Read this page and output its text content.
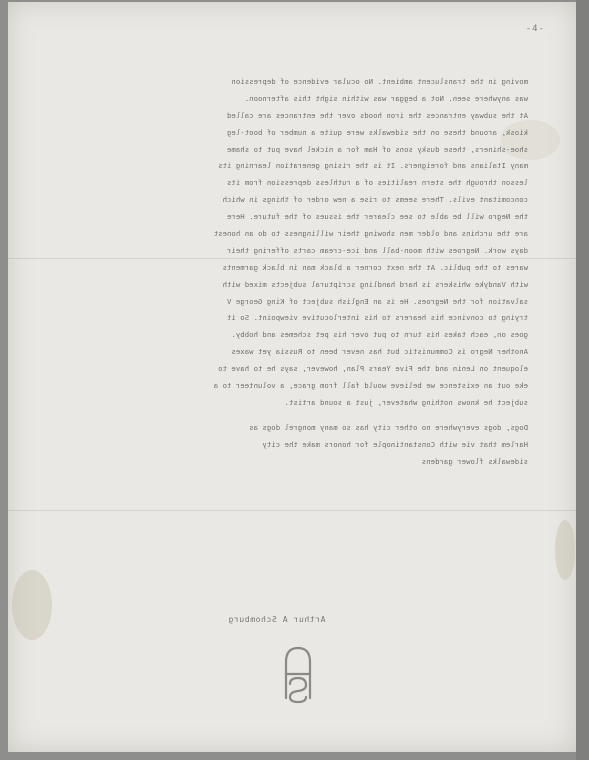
-4-
moving in the translucent ambient. No ocular evidence of depression
was anywhere seen. Not a beggar was within sight this afternoon.
At the subway entrances the iron hoods over the entrances are called
kiosk, around these on the sidewalks were quite a number of boot-leg
shoe-shiners, these dusky sons of Ham for a nickel have put to shame
many Italians and foreigners. It is the rising generation learning its
lesson through the stern realities of a ruthless depression from its
concomitant evils. There seems to rise a new order of things in which
the Negro will be able to see clearer the issues of the future. Here
are the urchins and older men showing their willingness to do an honest
days work. Negroes with moon-ball and ice-cream carts offering their
wares to the public. At the next corner a black man in black garments
with Vandyke whiskers is hard handling scriptural subjects mixed with
salvation for the Negroes. He is an English subject of King George V
trying to convince his hearers to his interlocutive viewpoint. So it
goes on, each takes his turn to put over his pet schemes and hobby.
Another Negro is Communistic but has never been to Russia yet waxes
eloquent on Lenin and the Five Years Plan, however, says he to have to
eke out an existence we believe would fall from grace, a volunteer to a
subject he knows nothing whatever, just a sound artist.
Dogs, dogs everywhere no other city has so many mongrel dogs as
Harlem that vie with Constantinople for honors make the city
sidewalks flower gardens
Arthur A Schomburg
AS
